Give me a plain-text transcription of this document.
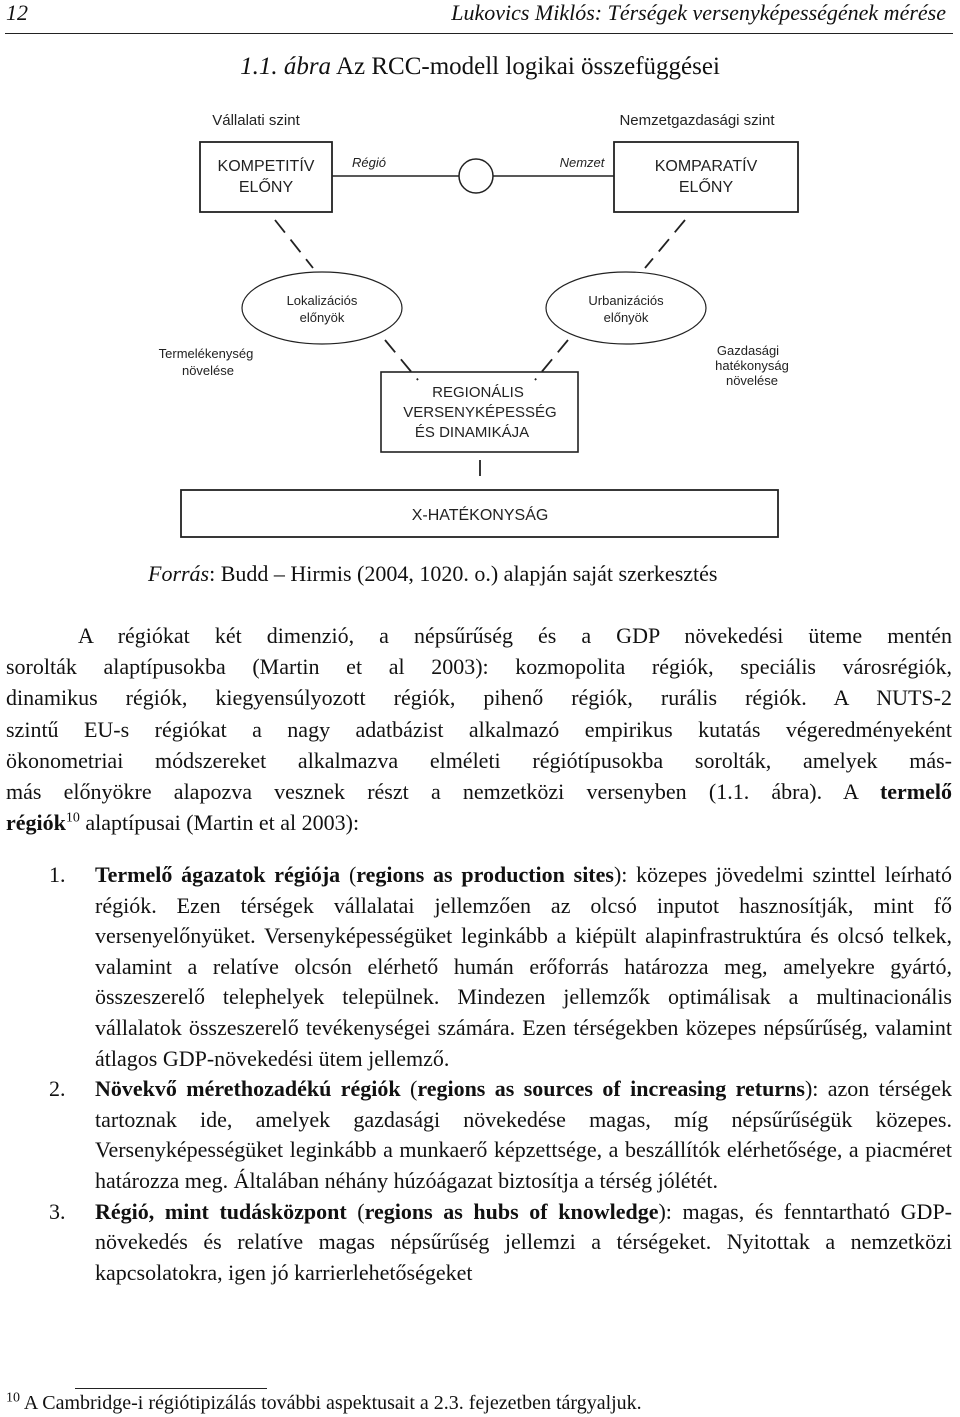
12	Lukovics Miklós: Térségek versenyképességének mérése
1.1. ábra Az RCC-modell logikai összefüggései
Vállalati szint	Nemzetgazdasági szint
KOMPETITÍV
ELŐNY
KOMPARATÍV
ELŐNY
Régió	Nemzet
Lokalizációs
előnyök
Urbanizációs
előnyök
Termelékenység
növelése
Gazdasági
hatékonyság
növelése
REGIONÁLIS
VERSENYKÉPESSÉG
ÉS DINAMIKÁJA
X-HATÉKONYSÁG
Forrás: Budd – Hirmis (2004, 1020. o.) alapján saját szerkesztés
A régiókat két dimenzió, a népsűrűség és a GDP növekedési üteme mentén
sorolták alaptípusokba (Martin et al 2003): kozmopolita régiók, speciális városrégiók,
dinamikus régiók, kiegyensúlyozott régiók, pihenő régiók, rurális régiók. A NUTS-2
szintű EU-s régiókat a nagy adatbázist alkalmazó empirikus kutatás végeredményeként
ökonometriai módszereket alkalmazva elméleti régiótípusokba sorolták, amelyek más-
más előnyökre alapozva vesznek részt a nemzetközi versenyben (1.1. ábra). A termelő
régiók$^{10}$ alaptípusai (Martin et al 2003):
1. Termelő ágazatok régiója (regions as production sites): közepes jövedelmi szinttel leírható régiók. Ezen térségek vállalatai jellemzően az olcsó inputot hasznosítják, mint fő versenyelőnyüket. Versenyképességüket leginkább a kiépült alapinfrastruktúra és olcsó telkek, valamint a relatíve olcsón elérhető humán erőforrás határozza meg, amelyekre gyártó, összeszerelő telephelyek települnek. Mindezen jellemzők optimálisak a multinacionális vállalatok összeszerelő tevékenységei számára. Ezen térségekben közepes népsűrűség, valamint átlagos GDP-növekedési ütem jellemző.
2. Növekvő mérethozadékú régiók (regions as sources of increasing returns): azon térségek tartoznak ide, amelyek gazdasági növekedése magas, míg népsűrűségük közepes. Versenyképességüket leginkább a munkaerő képzettsége, a beszállítók elérhetősége, a piacméret határozza meg. Általában néhány húzóágazat biztosítja a térség jólétét.
3. Régió, mint tudásközpont (regions as hubs of knowledge): magas, és fenntartható GDP-növekedés és relatíve magas népsűrűség jellemzi a térségeket. Nyitottak a nemzetközi kapcsolatokra, igen jó karrierlehetőségeket
$^{10}$ A Cambridge-i régiótipizálás további aspektusait a 2.3. fejezetben tárgyaljuk.
